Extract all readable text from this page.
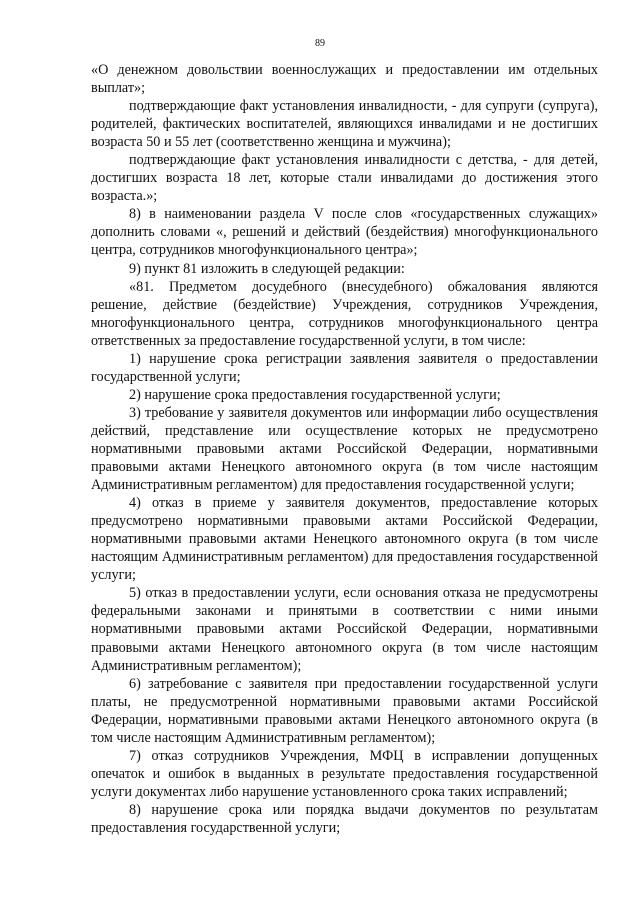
89

«О денежном довольствии военнослужащих и предоставлении им отдельных выплат»;

подтверждающие факт установления инвалидности, - для супруги (супруга), родителей, фактических воспитателей, являющихся инвалидами и не достигших возраста 50 и 55 лет (соответственно женщина и мужчина);

подтверждающие факт установления инвалидности с детства, - для детей, достигших возраста 18 лет, которые стали инвалидами до достижения этого возраста.»;

8) в наименовании раздела V после слов «государственных служащих» дополнить словами «, решений и действий (бездействия) многофункционального центра, сотрудников многофункционального центра»;

9) пункт 81 изложить в следующей редакции:

«81. Предметом досудебного (внесудебного) обжалования являются решение, действие (бездействие) Учреждения, сотрудников Учреждения, многофункционального центра, сотрудников многофункционального центра ответственных за предоставление государственной услуги, в том числе:

1) нарушение срока регистрации заявления заявителя о предоставлении государственной услуги;

2) нарушение срока предоставления государственной услуги;

3) требование у заявителя документов или информации либо осуществления действий, представление или осуществление которых не предусмотрено нормативными правовыми актами Российской Федерации, нормативными правовыми актами Ненецкого автономного округа (в том числе настоящим Административным регламентом) для предоставления государственной услуги;

4) отказ в приеме у заявителя документов, предоставление которых предусмотрено нормативными правовыми актами Российской Федерации, нормативными правовыми актами Ненецкого автономного округа (в том числе настоящим Административным регламентом) для предоставления государственной услуги;

5) отказ в предоставлении услуги, если основания отказа не предусмотрены федеральными законами и принятыми в соответствии с ними иными нормативными правовыми актами Российской Федерации, нормативными правовыми актами Ненецкого автономного округа (в том числе настоящим Административным регламентом);

6) затребование с заявителя при предоставлении государственной услуги платы, не предусмотренной нормативными правовыми актами Российской Федерации, нормативными правовыми актами Ненецкого автономного округа (в том числе настоящим Административным регламентом);

7) отказ сотрудников Учреждения, МФЦ в исправлении допущенных опечаток и ошибок в выданных в результате предоставления государственной услуги документах либо нарушение установленного срока таких исправлений;

8) нарушение срока или порядка выдачи документов по результатам предоставления государственной услуги;
